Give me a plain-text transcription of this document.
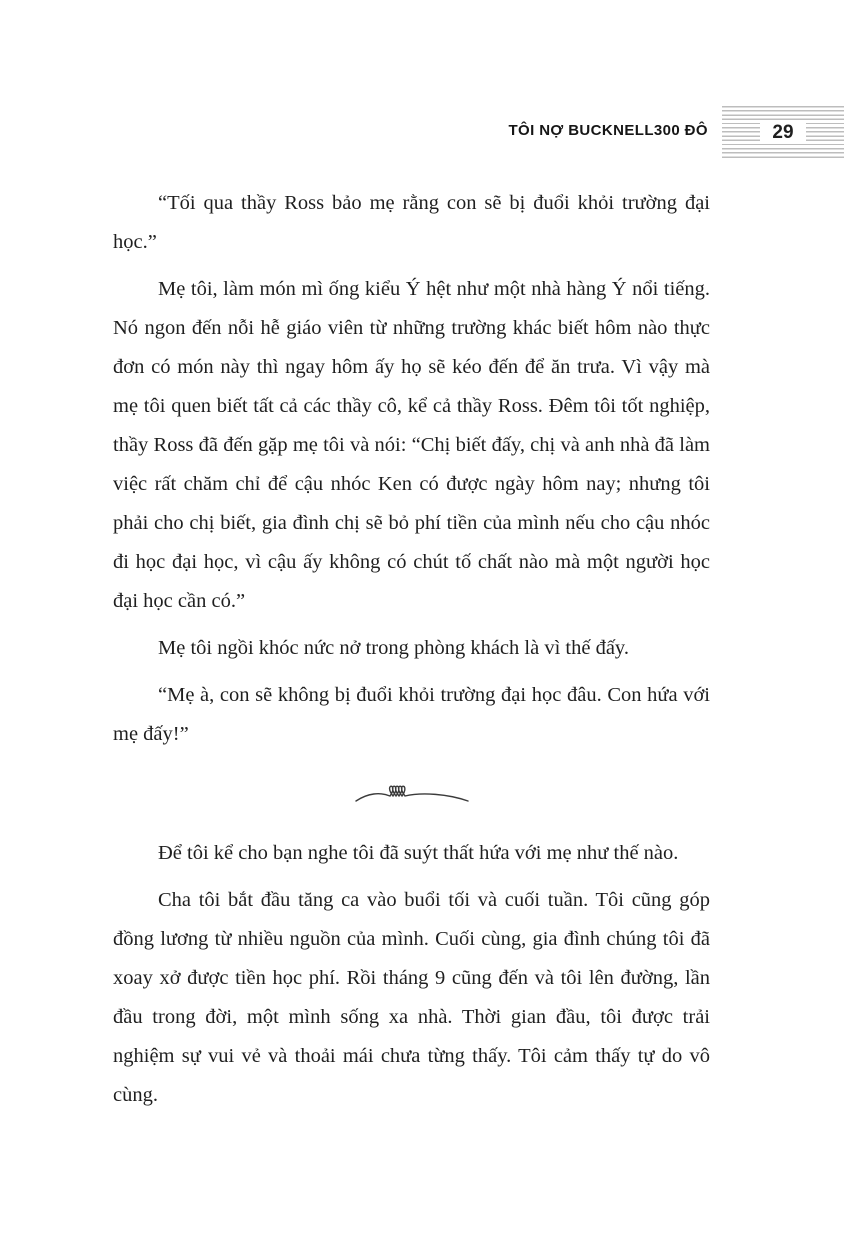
TÔI NỢ BUCKNELL300 ĐÔ	29

“Tối qua thầy Ross bảo mẹ rằng con sẽ bị đuổi khỏi trường đại học.”

Mẹ tôi, làm món mì ống kiểu Ý hệt như một nhà hàng Ý nổi tiếng. Nó ngon đến nỗi hễ giáo viên từ những trường khác biết hôm nào thực đơn có món này thì ngay hôm ấy họ sẽ kéo đến để ăn trưa. Vì vậy mà mẹ tôi quen biết tất cả các thầy cô, kể cả thầy Ross. Đêm tôi tốt nghiệp, thầy Ross đã đến gặp mẹ tôi và nói: “Chị biết đấy, chị và anh nhà đã làm việc rất chăm chỉ để cậu nhóc Ken có được ngày hôm nay; nhưng tôi phải cho chị biết, gia đình chị sẽ bỏ phí tiền của mình nếu cho cậu nhóc đi học đại học, vì cậu ấy không có chút tố chất nào mà một người học đại học cần có.”

Mẹ tôi ngồi khóc nức nở trong phòng khách là vì thế đấy.

“Mẹ à, con sẽ không bị đuổi khỏi trường đại học đâu. Con hứa với mẹ đấy!”

Để tôi kể cho bạn nghe tôi đã suýt thất hứa với mẹ như thế nào.

Cha tôi bắt đầu tăng ca vào buổi tối và cuối tuần. Tôi cũng góp đồng lương từ nhiều nguồn của mình. Cuối cùng, gia đình chúng tôi đã xoay xở được tiền học phí. Rồi tháng 9 cũng đến và tôi lên đường, lần đầu trong đời, một mình sống xa nhà. Thời gian đầu, tôi được trải nghiệm sự vui vẻ và thoải mái chưa từng thấy. Tôi cảm thấy tự do vô cùng.
